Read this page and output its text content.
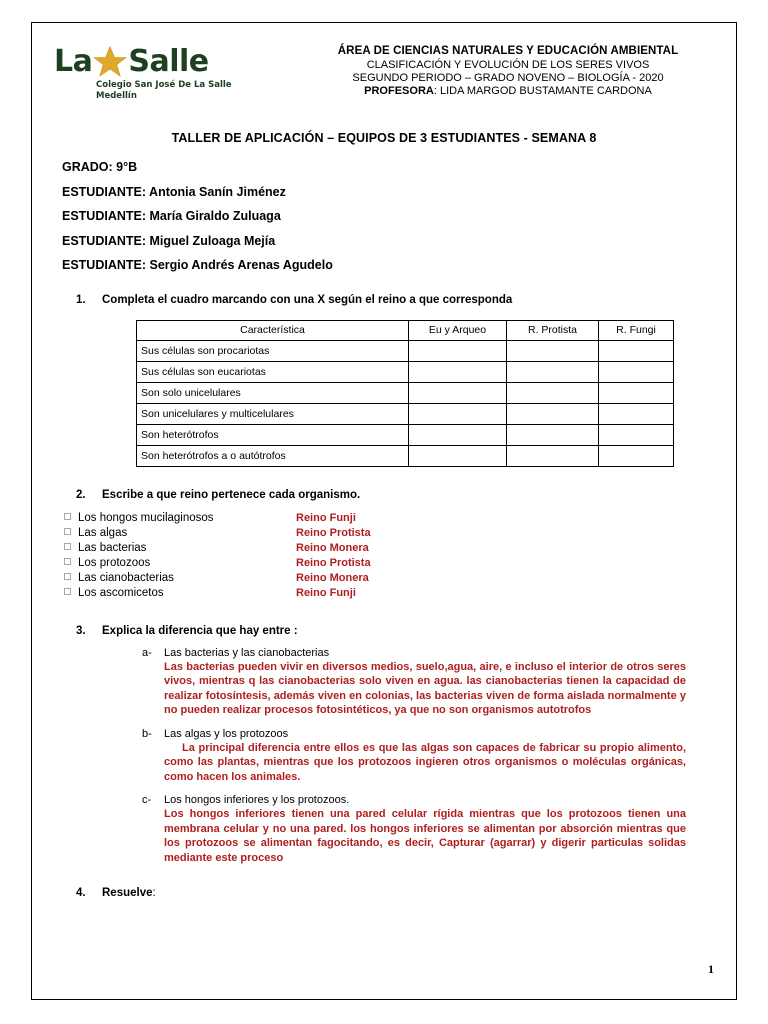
La Salle
Colegio San José De La Salle
Medellín
ÁREA DE CIENCIAS NATURALES Y EDUCACIÓN AMBIENTAL
CLASIFICACIÓN Y EVOLUCIÓN DE LOS SERES VIVOS
SEGUNDO PERIODO – GRADO NOVENO – BIOLOGÍA - 2020
PROFESORA: LIDA MARGOD BUSTAMANTE CARDONA
TALLER DE APLICACIÓN – EQUIPOS DE 3 ESTUDIANTES - SEMANA 8
GRADO: 9°B
ESTUDIANTE: Antonia Sanín Jiménez
ESTUDIANTE: María Giraldo Zuluaga
ESTUDIANTE: Miguel Zuloaga Mejía
ESTUDIANTE: Sergio Andrés Arenas Agudelo
1.	Completa el cuadro marcando con una X según el reino a que corresponda
Característica	Eu y Arqueo	R. Protista	R. Fungi
Sus células son procariotas			
Sus células son eucariotas			
Son solo unicelulares			
Son unicelulares y multicelulares			
Son heterótrofos			
Son heterótrofos a o autótrofos			
2.	Escribe a que reino pertenece cada organismo.
Los hongos mucilaginosos	Reino Funji
Las algas	Reino Protista
Las bacterias	Reino Monera
Los protozoos	Reino Protista
Las cianobacterias	Reino Monera
Los ascomicetos	Reino Funji
3.	Explica la diferencia que hay entre :
a-	Las bacterias y las cianobacterias
Las bacterias pueden vivir en diversos medios, suelo,agua, aire, e incluso el interior de otros seres vivos, mientras q las cianobacterias solo viven en agua. las cianobacterias tienen la capacidad de realizar fotosíntesis, además viven en colonias, las bacterias viven de forma aislada normalmente y no pueden realizar procesos fotosintéticos, ya que no son organismos autotrofos
b-	Las algas y los protozoos
La principal diferencia entre ellos es que las algas son capaces de fabricar su propio alimento, como las plantas, mientras que los protozoos ingieren otros organismos o moléculas orgánicas, como hacen los animales.
c-	Los hongos inferiores y los protozoos.
Los hongos inferiores tienen una pared celular rígida mientras que los protozoos tienen una membrana celular y no una pared. los hongos inferiores se alimentan por absorción mientras que los protozoos se alimentan fagocitando, es decir, Capturar (agarrar) y digerir particulas solidas mediante este proceso
4.	Resuelve:
1
